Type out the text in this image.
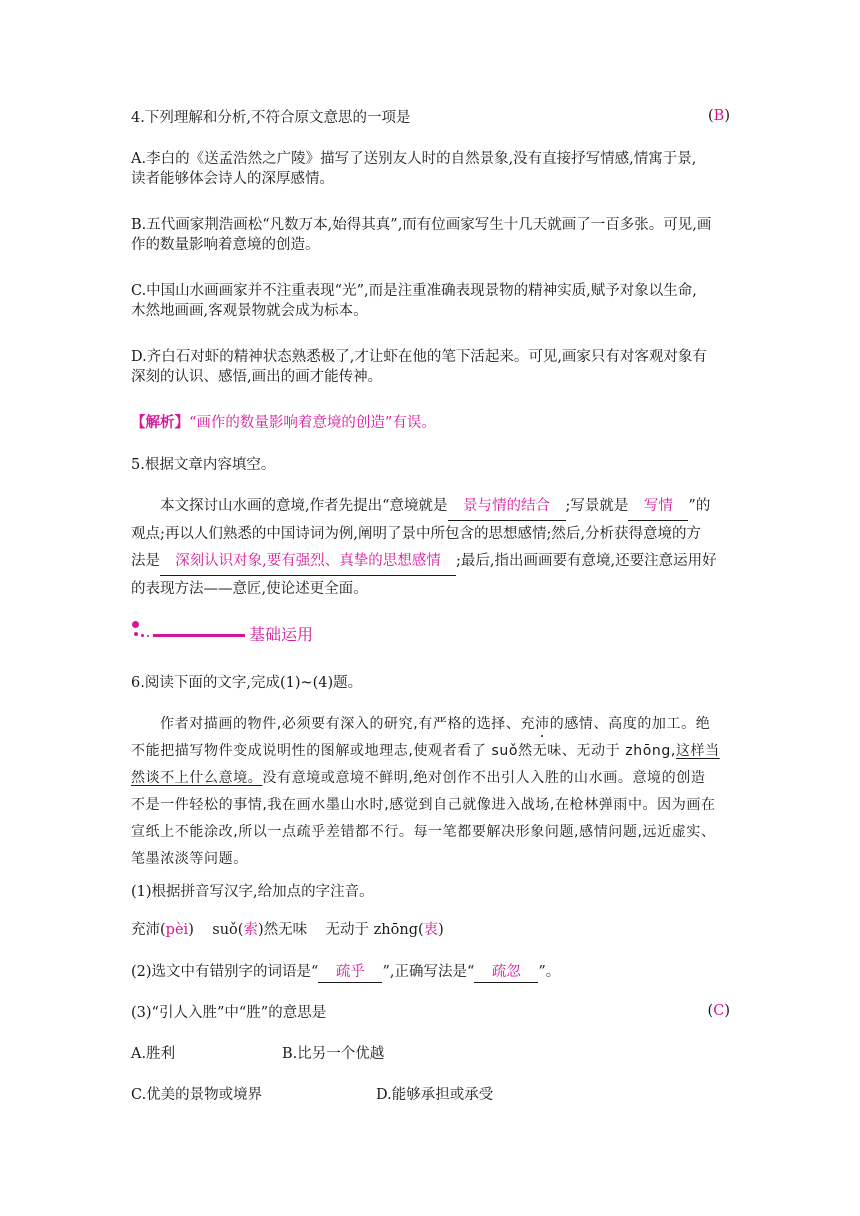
4.下列理解和分析,不符合原文意思的一项是	(B)
A.李白的《送孟浩然之广陵》描写了送别友人时的自然景象,没有直接抒写情感,情寓于景,
读者能够体会诗人的深厚感情。
B.五代画家荆浩画松“凡数万本,始得其真”,而有位画家写生十几天就画了一百多张。可见,画
作的数量影响着意境的创造。
C.中国山水画画家并不注重表现“光”,而是注重准确表现景物的精神实质,赋予对象以生命,
木然地画画,客观景物就会成为标本。
D.齐白石对虾的精神状态熟悉极了,才让虾在他的笔下活起来。可见,画家只有对客观对象有
深刻的认识、感悟,画出的画才能传神。
【解析】“画作的数量影响着意境的创造”有误。
5.根据文章内容填空。
本文探讨山水画的意境,作者先提出“意境就是 景与情的结合 ;写景就是 写情 ”的
观点;再以人们熟悉的中国诗词为例,阐明了景中所包含的思想感情;然后,分析获得意境的方
法是 深刻认识对象,要有强烈、真挚的思想感情 ;最后,指出画画要有意境,还要注意运用好
的表现方法——意匠,使论述更全面。
基础运用
6.阅读下面的文字,完成(1)~(4)题。
作者对描画的物件,必须要有深入的研究,有严格的选择、充沛的感情、高度的加工。绝
不能把描写物件变成说明性的图解或地理志,使观者看了 suǒ然无味、无动于 zhōng,这样当
然谈不上什么意境。没有意境或意境不鲜明,绝对创作不出引人入胜的山水画。意境的创造
不是一件轻松的事情,我在画水墨山水时,感觉到自己就像进入战场,在枪林弹雨中。因为画在
宣纸上不能涂改,所以一点疏乎差错都不行。每一笔都要解决形象问题,感情问题,远近虚实、
笔墨浓淡等问题。
(1)根据拼音写汉字,给加点的字注音。
充沛(pèi)    suǒ(索)然无味    无动于 zhōng(衷)
(2)选文中有错别字的词语是“ 疏乎 ”,正确写法是“ 疏忽 ”。
(3)“引人入胜”中“胜”的意思是	(C)
A.胜利	B.比另一个优越
C.优美的景物或境界	D.能够承担或承受
